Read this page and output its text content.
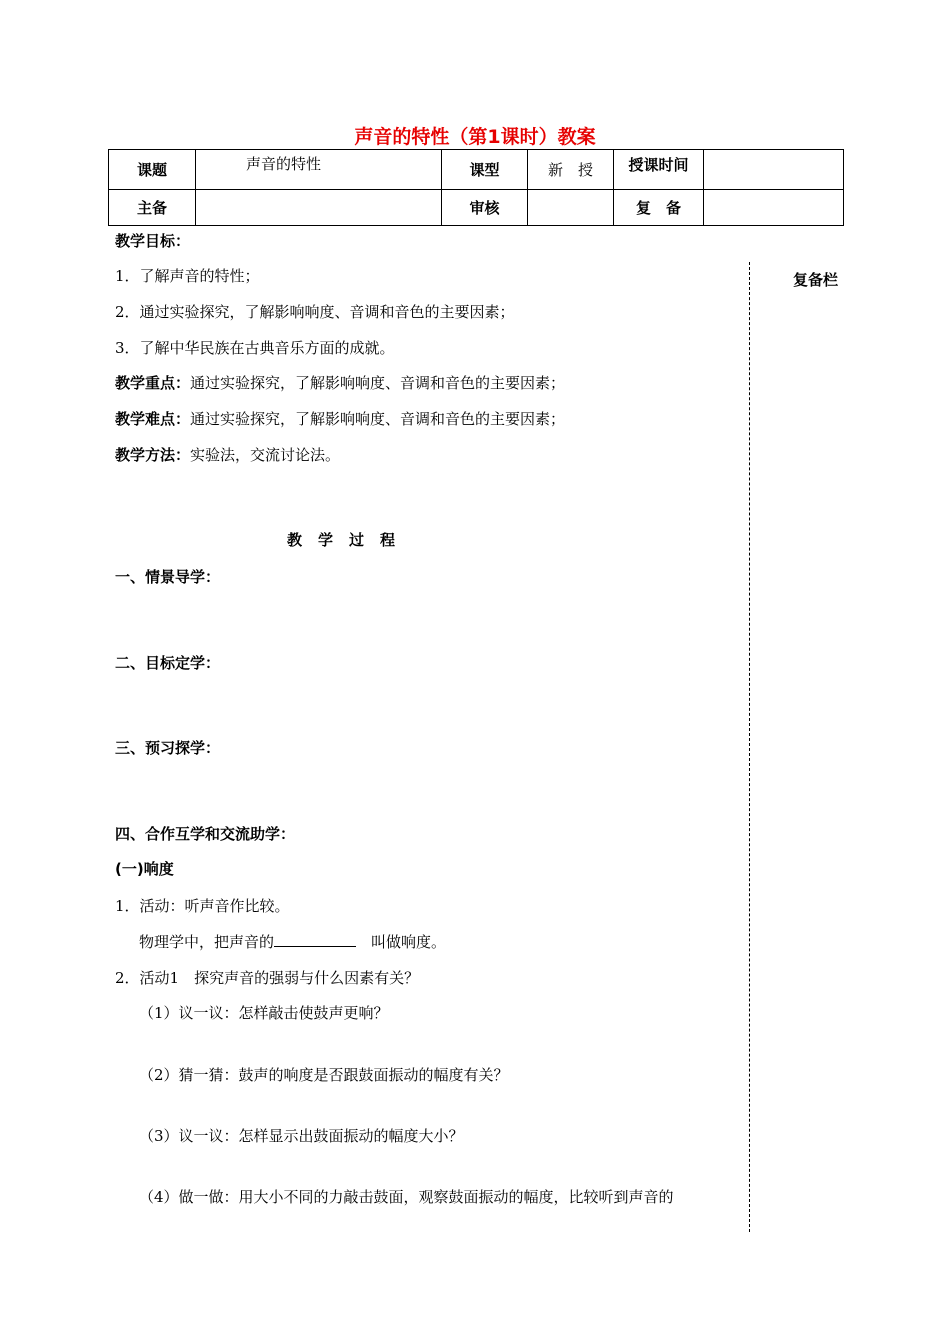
声音的特性（第1课时）教案
课题	声音的特性	课型	新　授	授课时间	
主备		审核		复　备	
教学目标：
1．了解声音的特性；
2．通过实验探究，了解影响响度、音调和音色的主要因素；
3．了解中华民族在古典音乐方面的成就。
教学重点：通过实验探究，了解影响响度、音调和音色的主要因素；
教学难点：通过实验探究，了解影响响度、音调和音色的主要因素；
教学方法：实验法，交流讨论法。
教学过程
一、情景导学：
二、目标定学：
三、预习探学：
四、合作互学和交流助学：
(一)响度
1．活动：听声音作比较。
物理学中，把声音的　	叫做响度。
2．活动1　探究声音的强弱与什么因素有关？
（1）议一议：怎样敲击使鼓声更响？
（2）猜一猜：鼓声的响度是否跟鼓面振动的幅度有关？
（3）议一议：怎样显示出鼓面振动的幅度大小？
（4）做一做：用大小不同的力敲击鼓面，观察鼓面振动的幅度，比较听到声音的
复备栏
